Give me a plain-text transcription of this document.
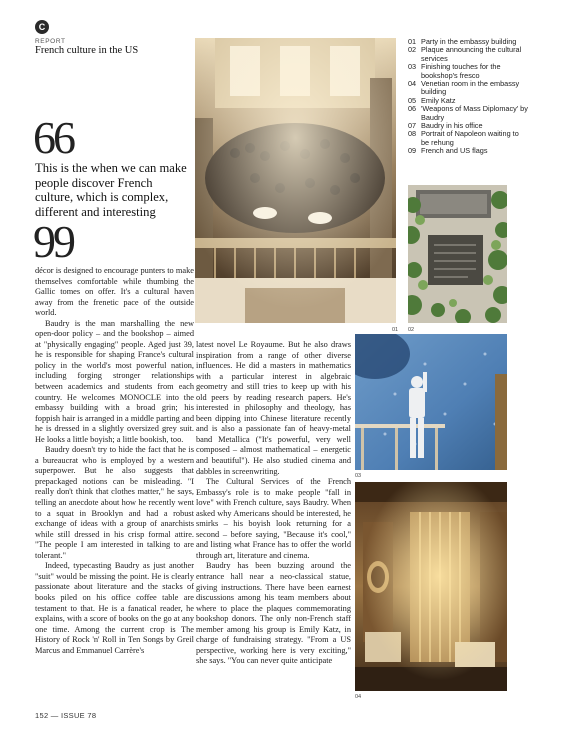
C
REPORT
French culture in the US
66
This is the when we can make people discover French culture, which is complex, different and interesting
99

décor is designed to encourage punters to make themselves comfortable while thumbing the Gallic tomes on offer. It's a cultural haven away from the frenetic pace of the outside world.

Baudry is the man marshalling the new open-door policy – and the bookshop – aimed at "physically engaging" people. Aged just 39, he is responsible for shaping France's cultural policy in the world's most powerful nation, including forging stronger relationships between academics and students from each country. He welcomes MONOCLE into the embassy building with a broad grin; his foppish hair is arranged in a middle parting and he is dressed in a slightly oversized grey suit. He looks a little boyish; a little bookish, too.

Baudry doesn't try to hide the fact that he is a bureaucrat who is employed by a western superpower. But he also suggests that prepackaged notions can be misleading. "I really don't think that clothes matter," he says, telling an anecdote about how he recently went to a squat in Brooklyn and had a robust exchange of ideas with a group of anarchists while still dressed in his crisp formal attire. "The people I am interested in talking to are tolerant."

Indeed, typecasting Baudry as just another "suit" would be missing the point. He is clearly passionate about literature and the stacks of books piled on his office coffee table are testament to that. He is a fanatical reader, he explains, with a score of books on the go at any one time. Among the current crop is The History of Rock 'n' Roll in Ten Songs by Greil Marcus and Emmanuel Carrère's

latest novel Le Royaume. But he also draws inspiration from a range of other diverse influences. He did a masters in mathematics with a particular interest in algebraic geometry and still tries to keep up with his old peers by reading research papers. He's interested in philosophy and theology, has been dipping into Chinese literature recently and is also a passionate fan of heavy-metal band Metallica ("It's powerful, very well composed – almost mathematical – energetic and beautiful"). He also studied cinema and dabbles in screenwriting.

The Cultural Services of the French Embassy's role is to make people "fall in love" with French culture, says Baudry. When asked why Americans should be interested, he smirks – his boyish look returning for a second – before saying, "Because it's cool," and listing what France has to offer the world through art, literature and cinema.

Baudry has been buzzing around the entrance hall near a neo-classical statue, giving instructions. There have been earnest discussions among his team members about where to place the plaques commemorating bookshop donors. The only non-French staff member among his group is Emily Katz, in charge of fundraising strategy. "From a US perspective, working here is very exciting," she says. "You can never quite anticipate

152 — ISSUE 78
01
01 Party in the embassy building
02 Plaque announcing the cultural services
03 Finishing touches for the bookshop's fresco
04 Venetian room in the embassy building
05 Emily Katz
06 'Weapons of Mass Diplomacy' by Baudry
07 Baudry in his office
08 Portrait of Napoleon waiting to be rehung
09 French and US flags
02
03
04
